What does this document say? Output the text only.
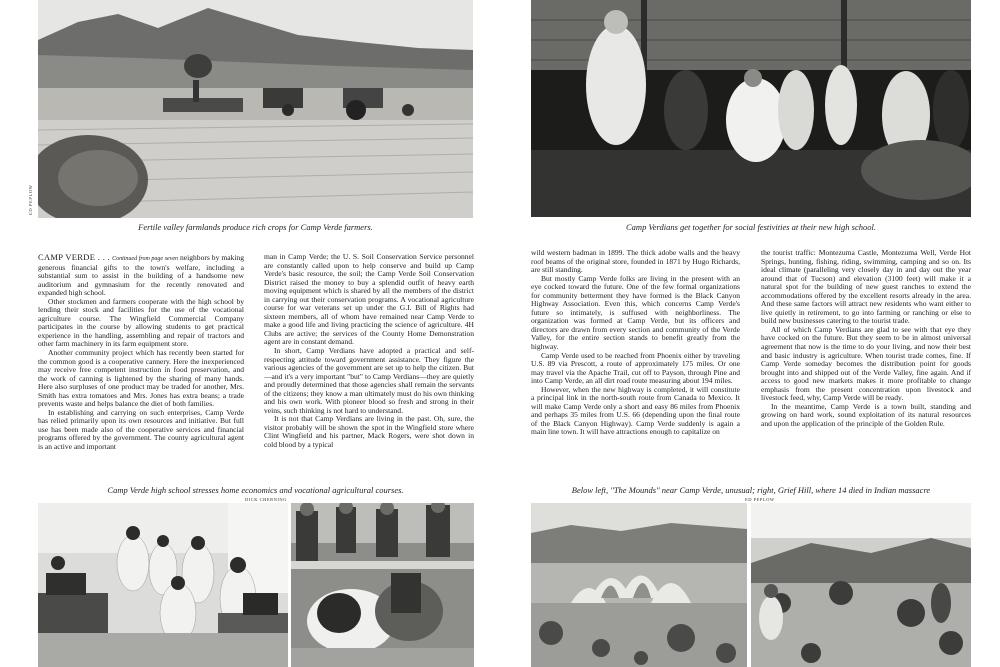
ED PEPLOW
Fertile valley farmlands produce rich crops for Camp Verde farmers.

CAMP VERDE . . . Continued from page seven neighbors by making generous financial gifts to the town's welfare, including a substantial sum to assist in the building of a handsome new auditorium and gymnasium for the recently renovated and expanded high school.

Other stockmen and farmers cooperate with the high school by lending their stock and facilities for the use of the vocational agriculture course. The Wingfield Commercial Company participates in the course by allowing students to get practical experience in the handling, assembling and repair of tractors and other farm machinery in its farm equipment store.

Another community project which has recently been started for the common good is a cooperative cannery. Here the inexperienced may receive free competent instruction in food preservation, and the work of canning is lightened by the sharing of many hands. Here also surpluses of one product may be traded for another, Mrs. Smith has extra tomatoes and Mrs. Jones has extra beans; a trade prevents waste and helps balance the diet of both families.

In establishing and carrying on such enterprises, Camp Verde has relied primarily upon its own resources and initiative. But full use has been made also of the cooperative services and financial programs offered by the government. The county agricultural agent is an active and important

man in Camp Verde; the U. S. Soil Conservation Service personnel are constantly called upon to help conserve and build up Camp Verde's basic resource, the soil; the Camp Verde Soil Conservation District raised the money to buy a splendid outfit of heavy earth moving equipment which is shared by all the members of the district in carrying out their conservation programs. A vocational agriculture course for war veterans set up under the G.I. Bill of Rights had sixteen members, all of whom have remained near Camp Verde to make a good life and living practicing the science of agriculture. 4H Clubs are active; the services of the County Home Demonstration agent are in constant demand.

In short, Camp Verdians have adopted a practical and self-respecting attitude toward government assistance. They figure the various agencies of the government are set up to help the citizen. But—and it's a very important "but" to Camp Verdians—they are quietly and proudly determined that those agencies shall remain the servants of the citizens; they know a man ultimately must do his own thinking and his own work. With pioneer blood so fresh and strong in their veins, such thinking is not hard to understand.

It is not that Camp Verdians are living in the past. Oh, sure, the visitor probably will be shown the spot in the Wingfield store where Clint Wingfield and his partner, Mack Rogers, were shot down in cold blood by a typical

Camp Verde high school stresses home economics and vocational agricultural courses.
DICK CHERNING
Camp Verdians get together for social festivities at their new high school.

wild western badman in 1899. The thick adobe walls and the heavy roof beams of the original store, founded in 1871 by Hugo Richards, are still standing.

But mostly Camp Verde folks are living in the present with an eye cocked toward the future. One of the few formal organizations for community betterment they have formed is the Black Canyon Highway Association. Even this, which concerns Camp Verde's future so intimately, is suffused with neighborliness. The organization was formed at Camp Verde, but its officers and directors are drawn from every section and community of the Verde Valley, for the entire section stands to benefit greatly from the highway.

Camp Verde used to be reached from Phoenix either by traveling U.S. 89 via Prescott, a route of approximately 175 miles. Or one may travel via the Apache Trail, cut off to Payson, through Pine and into Camp Verde, an all dirt road route measuring about 194 miles.

However, when the new highway is completed, it will constitute a principal link in the north-south route from Canada to Mexico. It will make Camp Verde only a short and easy 86 miles from Phoenix and perhaps 35 miles from U.S. 66 (depending upon the final route of the Black Canyon Highway). Camp Verde suddenly is again a main line town. It will have attractions enough to capitalize on

the tourist traffic: Montezuma Castle, Montezuma Well, Verde Hot Springs, hunting, fishing, riding, swimming, camping and so on. Its ideal climate (paralleling very closely day in and day out the year around that of Tucson) and elevation (3100 feet) will make it a natural spot for the building of new guest ranches to extend the accommodations offered by the excellent resorts already in the area. And these same factors will attract new residents who want either to live quietly in retirement, to go into farming or ranching or else to build new businesses catering to the tourist trade.

All of which Camp Verdians are glad to see with that eye they have cocked on the future. But they seem to be in almost universal agreement that now is the time to do your living, and now their best and basic industry is agriculture. When tourist trade comes, fine. If Camp Verde someday becomes the distribution point for goods brought into and shipped out of the Verde Valley, fine again. And if access to good new markets makes it more profitable to change emphasis from the present concentration upon livestock and livestock feed, why, Camp Verde will be ready.

In the meantime, Camp Verde is a town built, standing and growing on hard work, sound exploitation of its natural resources and upon the application of the principle of the Golden Rule.

Below left, "The Mounds" near Camp Verde, unusual; right, Grief Hill, where 14 died in Indian massacre
ED PEPLOW
